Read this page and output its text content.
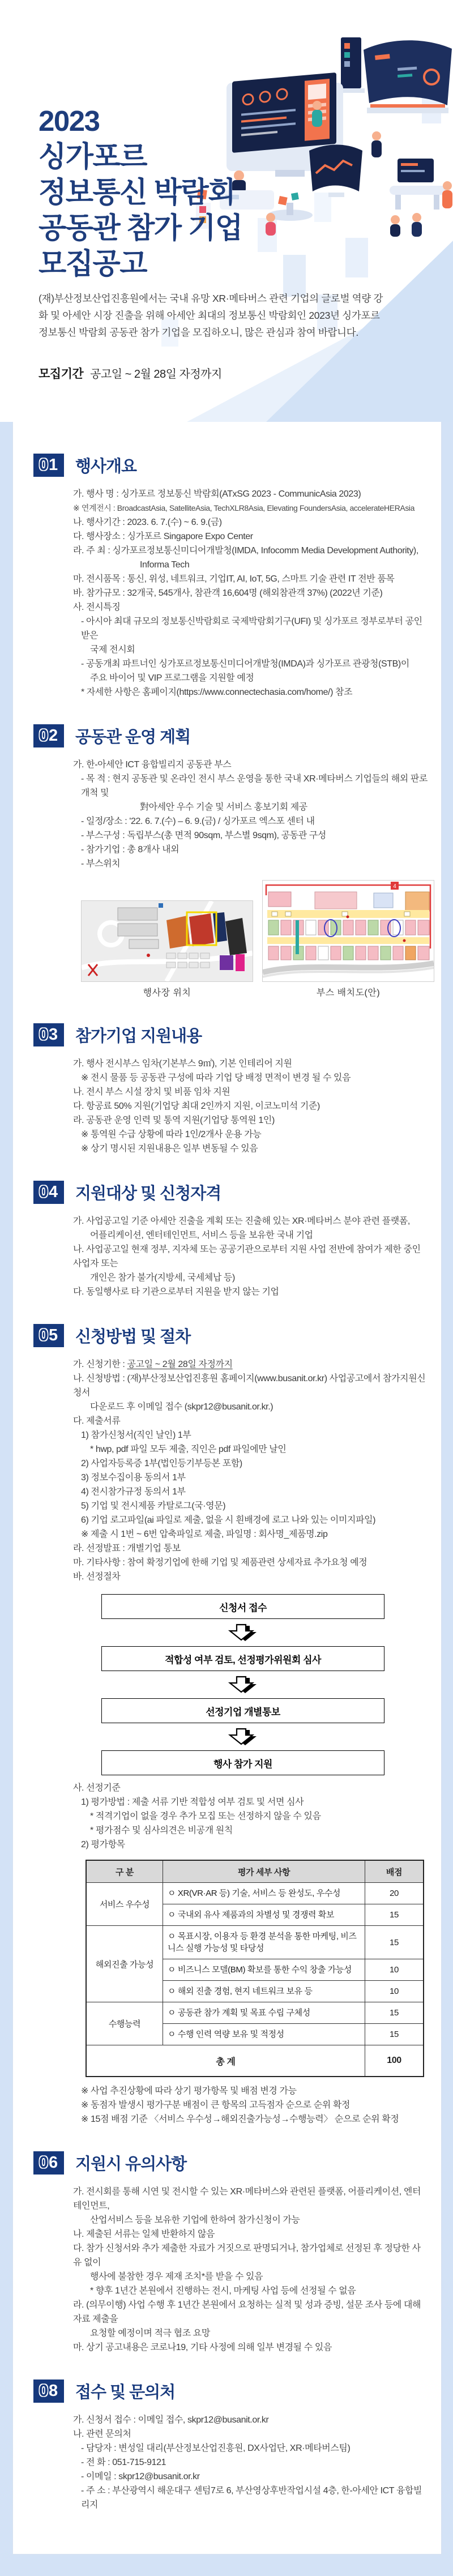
2023
싱가포르
정보통신 박람회
공동관 참가 기업
모집공고

(재)부산정보산업진흥원에서는 국내 유망 XR·메타버스 관련 기업의 글로벌 역량 강화 및 아세안 시장 진출을 위해 아세안 최대의 정보통신 박람회인 2023년 싱가포르 정보통신 박람회 공동관 참가 기업을 모집하오니, 많은 관심과 참여 바랍니다.

모집기간 공고일 ~ 2월 28일 자정까지
0 1 행사개요
가. 행사 명 : 싱가포르 정보통신 박람회(ATxSG 2023 - CommunicAsia 2023)
※ 연계전시 : BroadcastAsia, SatelliteAsia, TechXLR8Asia, Elevating FoundersAsia, accelerateHERAsia
나. 행사기간 : 2023. 6. 7.(수) ~ 6. 9.(금)
다. 행사장소 : 싱가포르 Singapore Expo Center
라. 주 최 : 싱가포르정보통신미디어개발청(IMDA, Infocomm Media Development Authority),
Informa Tech
마. 전시품목 : 통신, 위성, 네트워크, 기업IT, AI, IoT, 5G, 스마트 기술 관련 IT 전반 품목
바. 참가규모 : 32개국, 545개사, 참관객 16,604명 (해외참관객 37%) (2022년 기준)
사. 전시특징
- 아시아 최대 규모의 정보통신박람회로 국제박람회기구(UFI) 및 싱가포르 정부로부터 공인받은
국제 전시회
- 공동개최 파트너인 싱가포르정보통신미디어개발청(IMDA)과 싱가포르 관광청(STB)이
주요 바이어 및 VIP 프로그램을 지원할 예정
* 자세한 사항은 홈페이지(https://www.connectechasia.com/home/) 참조
0 2 공동관 운영 계획
가. 한-아세안 ICT 융합빌리지 공동관 부스
- 목 적 : 현지 공동관 및 온라인 전시 부스 운영을 통한 국내 XR·메타버스 기업들의 해외 판로 개척 및
對아세안 우수 기술 및 서비스 홍보기회 제공
- 일정/장소 : '22. 6. 7.(수) – 6. 9.(금) / 싱가포르 엑스포 센터 내
- 부스구성 : 독립부스(총 면적 90sqm, 부스별 9sqm), 공동관 구성
- 참가기업 : 총 8개사 내외
- 부스위치
행사장 위치
4
부스 배치도(안)
0 3 참가기업 지원내용
가. 행사 전시부스 임차(기본부스 9㎡), 기본 인테리어 지원
※ 전시 물품 등 공동관 구성에 따라 기업 당 배정 면적이 변경 될 수 있음
나. 전시 부스 시설 장치 및 비품 임차 지원
다. 항공료 50% 지원(기업당 최대 2인까지 지원, 이코노미석 기준)
라. 공동관 운영 인력 및 통역 지원(기업당 통역원 1인)
※ 통역원 수급 상황에 따라 1인/2개사 운용 가능
※ 상기 명시된 지원내용은 일부 변동될 수 있음
0 4 지원대상 및 신청자격
가. 사업공고일 기준 아세안 진출을 계획 또는 진출해 있는 XR·메타버스 분야 관련 플랫폼,
어플리케이션, 엔터테인먼트, 서비스 등을 보유한 국내 기업
나. 사업공고일 현재 정부, 지자체 또는 공공기관으로부터 지원 사업 전반에 참여가 제한 중인 사업자 또는
개인은 참가 불가(지방세, 국세체납 등)
다. 동일행사로 타 기관으로부터 지원을 받지 않는 기업
0 5 신청방법 및 절차
가. 신청기한 : 공고일 ~ 2월 28일 자정까지
나. 신청방법 : (재)부산정보산업진흥원 홈페이지(www.busanit.or.kr) 사업공고에서 참가지원신청서
다운로드 후 이메일 접수 (skpr12@busanit.or.kr.)
다. 제출서류
1) 참가신청서(직인 날인) 1부
* hwp, pdf 파일 모두 제출, 직인은 pdf 파일에만 날인
2) 사업자등록증 1부(법인등기부등본 포함)
3) 정보수집이용 동의서 1부
4) 전시참가규정 동의서 1부
5) 기업 및 전시제품 카탈로그(국·영문)
6) 기업 로고파일(ai 파일로 제출, 없을 시 흰배경에 로고 나와 있는 이미지파일)
※ 제출 시 1번 ~ 6번 압축파일로 제출, 파일명 : 회사명_제품명.zip
라. 선정발표 : 개별기업 통보
마. 기타사항 : 참여 확정기업에 한해 기업 및 제품관련 상세자료 추가요청 예정
바. 선정절차
신청서 접수
적합성 여부 검토, 선정평가위원회 심사
선정기업 개별통보
행사 참가 지원
사. 선정기준
1) 평가방법 : 제출 서류 기반 적합성 여부 검토 및 서면 심사
* 적격기업이 없을 경우 추가 모집 또는 선정하지 않을 수 있음
* 평가점수 및 심사의견은 비공개 원칙
2) 평가항목
구 분	평가 세부 사항	배점
서비스 우수성	ㅇ XR(VR·AR 등) 기술, 서비스 등 완성도, 우수성	20
	ㅇ 국내외 유사 제품과의 차별성 및 경쟁력 확보	15
해외진출 가능성	ㅇ 목표시장, 이용자 등 환경 분석을 통한 마케팅, 비즈니스 실행 가능성 및 타당성	15
	ㅇ 비즈니스 모델(BM) 확보를 통한 수익 창출 가능성	10
	ㅇ 해외 진출 경험, 현지 네트워크 보유 등	10
수행능력	ㅇ 공동관 참가 계획 및 목표 수립 구체성	15
	ㅇ 수행 인력 역량 보유 및 적정성	15
총 계		100
※ 사업 추진상황에 따라 상기 평가항목 및 배점 변경 가능
※ 동점자 발생시 평가구분 배점이 큰 항목의 고득점자 순으로 순위 확정
※ 15점 배점 기준 〈서비스 우수성→해외진출가능성→수행능력〉 순으로 순위 확정
0 6 지원시 유의사항
가. 전시회를 통해 시연 및 전시할 수 있는 XR·메타버스와 관련된 플랫폼, 어플리케이션, 엔터테인먼트,
산업서비스 등을 보유한 기업에 한하여 참가신청이 가능
나. 제출된 서류는 일체 반환하지 않음
다. 참가 신청서와 추가 제출한 자료가 거짓으로 판명되거나, 참가업체로 선정된 후 정당한 사유 없이
행사에 불참한 경우 제재 조치*를 받을 수 있음
* 향후 1년간 본원에서 진행하는 전시, 마케팅 사업 등에 선정될 수 없음
라. (의무이행) 사업 수행 후 1년간 본원에서 요청하는 실적 및 성과 증빙, 설문 조사 등에 대해 자료 제출을
요청할 예정이며 적극 협조 요망
마. 상기 공고내용은 코로나19, 기타 사정에 의해 일부 변경될 수 있음
0 8 접수 및 문의처
가. 신청서 접수 : 이메일 접수, skpr12@busanit.or.kr
나. 관련 문의처
- 담당자 : 변성일 대리(부산정보산업진흥원, DX사업단, XR·메타버스팀)
- 전 화 : 051-715-9121
- 이메일 : skpr12@busanit.or.kr
- 주 소 : 부산광역시 해운대구 센텀7로 6, 부산영상후반작업시설 4층, 한-아세안 ICT 융합빌리지
